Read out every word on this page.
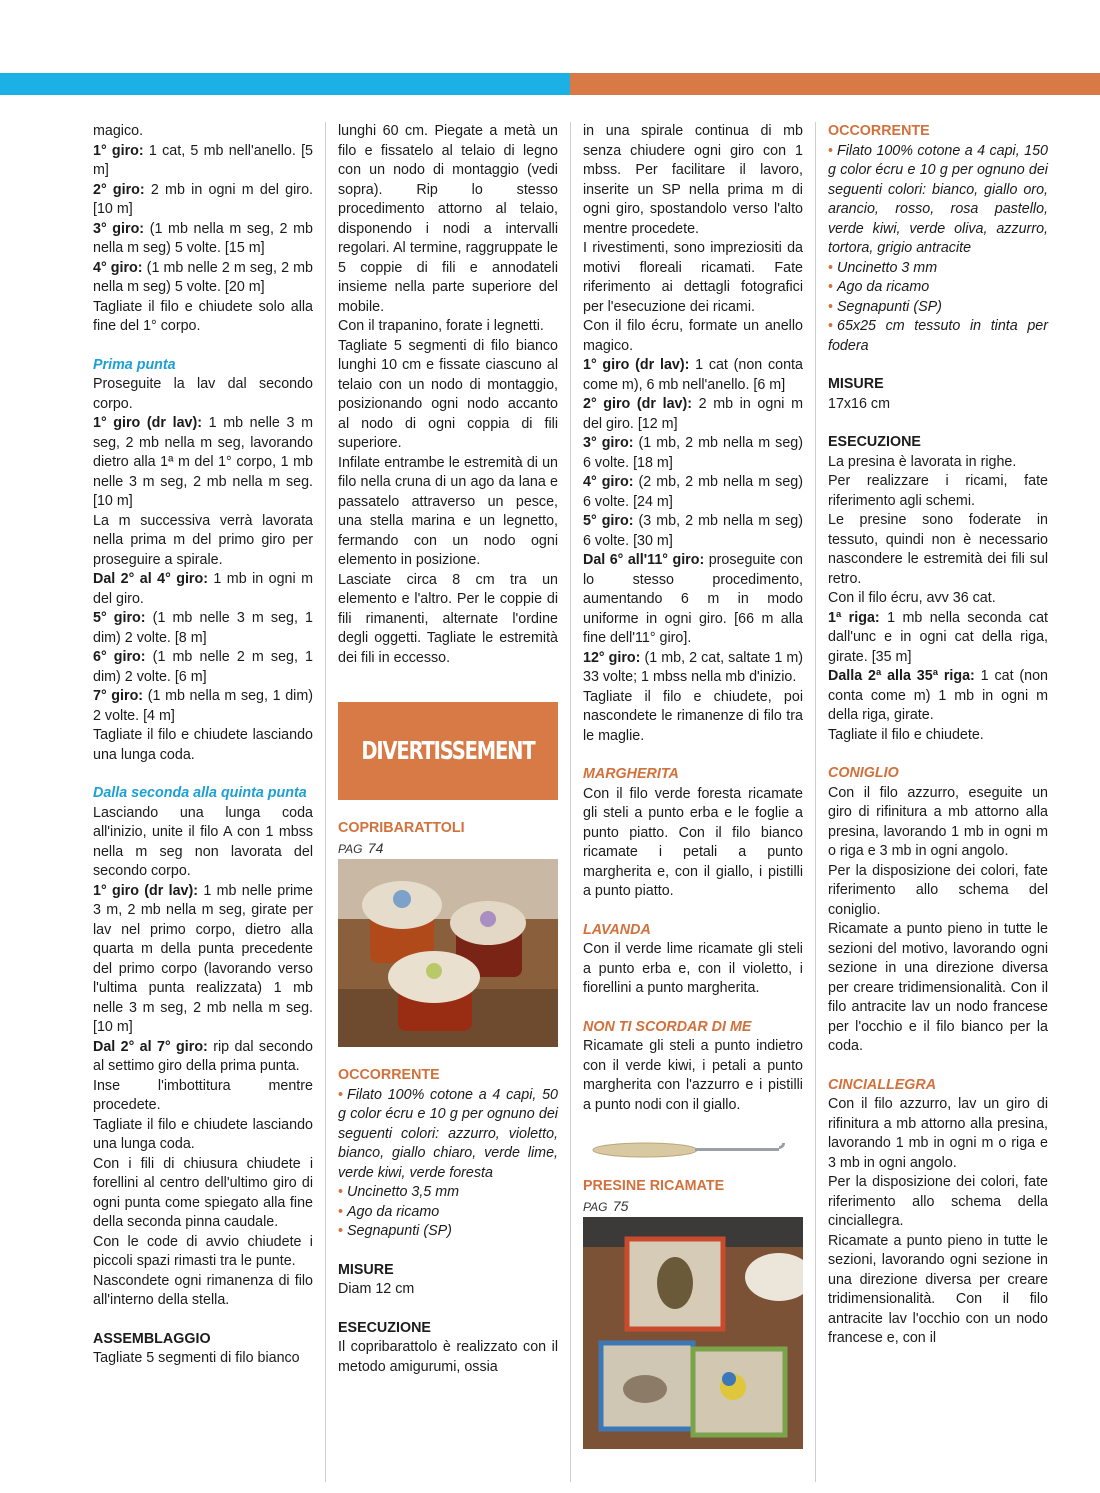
magico.

1° giro: 1 cat, 5 mb nell'anello. [5 m]

2° giro: 2 mb in ogni m del giro. [10 m]

3° giro: (1 mb nella m seg, 2 mb nella m seg) 5 volte. [15 m]

4° giro: (1 mb nelle 2 m seg, 2 mb nella m seg) 5 volte. [20 m]

Tagliate il filo e chiudete solo alla fine del 1° corpo.

Prima punta

Proseguite la lav dal secondo corpo.

1° giro (dr lav): 1 mb nelle 3 m seg, 2 mb nella m seg, lavorando dietro alla 1ª m del 1° corpo, 1 mb nelle 3 m seg, 2 mb nella m seg. [10 m]

La m successiva verrà lavorata nella prima m del primo giro per proseguire a spirale.

Dal 2° al 4° giro: 1 mb in ogni m del giro.

5° giro: (1 mb nelle 3 m seg, 1 dim) 2 volte. [8 m]

6° giro: (1 mb nelle 2 m seg, 1 dim) 2 volte. [6 m]

7° giro: (1 mb nella m seg, 1 dim) 2 volte. [4 m]

Tagliate il filo e chiudete lasciando una lunga coda.

Dalla seconda alla quinta punta

Lasciando una lunga coda all'inizio, unite il filo A con 1 mbss nella m seg non lavorata del secondo corpo.

1° giro (dr lav): 1 mb nelle prime 3 m, 2 mb nella m seg, girate per lav nel primo corpo, dietro alla quarta m della punta precedente del primo corpo (lavorando verso l'ultima punta realizzata) 1 mb nelle 3 m seg, 2 mb nella m seg. [10 m]

Dal 2° al 7° giro: rip dal secondo al settimo giro della prima punta.

Inse l'imbottitura mentre procedete.

Tagliate il filo e chiudete lasciando una lunga coda.

Con i fili di chiusura chiudete i forellini al centro dell'ultimo giro di ogni punta come spiegato alla fine della seconda pinna caudale.

Con le code di avvio chiudete i piccoli spazi rimasti tra le punte.

Nascondete ogni rimanenza di filo all'interno della stella.

ASSEMBLAGGIO

Tagliate 5 segmenti di filo bianco

lunghi 60 cm. Piegate a metà un filo e fissatelo al telaio di legno con un nodo di montaggio (vedi sopra). Rip lo stesso procedimento attorno al telaio, disponendo i nodi a intervalli regolari. Al termine, raggruppate le 5 coppie di fili e annodateli insieme nella parte superiore del mobile.

Con il trapanino, forate i legnetti.

Tagliate 5 segmenti di filo bianco lunghi 10 cm e fissate ciascuno al telaio con un nodo di montaggio, posizionando ogni nodo accanto al nodo di ogni coppia di fili superiore.

Infilate entrambe le estremità di un filo nella cruna di un ago da lana e passatelo attraverso un pesce, una stella marina e un legnetto, fermando con un nodo ogni elemento in posizione.

Lasciate circa 8 cm tra un elemento e l'altro. Per le coppie di fili rimanenti, alternate l'ordine degli oggetti. Tagliate le estremità dei fili in eccesso.

DIVERTISSEMENT

COPRIBARATTOLI

PAG 74

OCCORRENTE

• Filato 100% cotone a 4 capi, 50 g color écru e 10 g per ognuno dei seguenti colori: azzurro, violetto, bianco, giallo chiaro, verde lime, verde kiwi, verde foresta

• Uncinetto 3,5 mm

• Ago da ricamo

• Segnapunti (SP)

MISURE

Diam 12 cm

ESECUZIONE

Il copribarattolo è realizzato con il metodo amigurumi, ossia

in una spirale continua di mb senza chiudere ogni giro con 1 mbss. Per facilitare il lavoro, inserite un SP nella prima m di ogni giro, spostandolo verso l'alto mentre procedete.

I rivestimenti, sono impreziositi da motivi floreali ricamati. Fate riferimento ai dettagli fotografici per l'esecuzione dei ricami.

Con il filo écru, formate un anello magico.

1° giro (dr lav): 1 cat (non conta come m), 6 mb nell'anello. [6 m]

2° giro (dr lav): 2 mb in ogni m del giro. [12 m]

3° giro: (1 mb, 2 mb nella m seg) 6 volte. [18 m]

4° giro: (2 mb, 2 mb nella m seg) 6 volte. [24 m]

5° giro: (3 mb, 2 mb nella m seg) 6 volte. [30 m]

Dal 6° all'11° giro: proseguite con lo stesso procedimento, aumentando 6 m in modo uniforme in ogni giro. [66 m alla fine dell'11° giro].

12° giro: (1 mb, 2 cat, saltate 1 m) 33 volte; 1 mbss nella mb d'inizio.

Tagliate il filo e chiudete, poi nascondete le rimanenze di filo tra le maglie.

MARGHERITA

Con il filo verde foresta ricamate gli steli a punto erba e le foglie a punto piatto. Con il filo bianco ricamate i petali a punto margherita e, con il giallo, i pistilli a punto piatto.

LAVANDA

Con il verde lime ricamate gli steli a punto erba e, con il violetto, i fiorellini a punto margherita.

NON TI SCORDAR DI ME

Ricamate gli steli a punto indietro con il verde kiwi, i petali a punto margherita con l'azzurro e i pistilli a punto nodi con il giallo.

PRESINE RICAMATE

PAG 75

OCCORRENTE

• Filato 100% cotone a 4 capi, 150 g color écru e 10 g per ognuno dei seguenti colori: bianco, giallo oro, arancio, rosso, rosa pastello, verde kiwi, verde oliva, azzurro, tortora, grigio antracite

• Uncinetto 3 mm

• Ago da ricamo

• Segnapunti (SP)

• 65x25 cm tessuto in tinta per fodera

MISURE

17x16 cm

ESECUZIONE

La presina è lavorata in righe.

Per realizzare i ricami, fate riferimento agli schemi.

Le presine sono foderate in tessuto, quindi non è necessario nascondere le estremità dei fili sul retro.

Con il filo écru, avv 36 cat.

1ª riga: 1 mb nella seconda cat dall'unc e in ogni cat della riga, girate. [35 m]

Dalla 2ª alla 35ª riga: 1 cat (non conta come m) 1 mb in ogni m della riga, girate.

Tagliate il filo e chiudete.

CONIGLIO

Con il filo azzurro, eseguite un giro di rifinitura a mb attorno alla presina, lavorando 1 mb in ogni m o riga e 3 mb in ogni angolo.

Per la disposizione dei colori, fate riferimento allo schema del coniglio.

Ricamate a punto pieno in tutte le sezioni del motivo, lavorando ogni sezione in una direzione diversa per creare tridimensionalità. Con il filo antracite lav un nodo francese per l'occhio e il filo bianco per la coda.

CINCIALLEGRA

Con il filo azzurro, lav un giro di rifinitura a mb attorno alla presina, lavorando 1 mb in ogni m o riga e 3 mb in ogni angolo.

Per la disposizione dei colori, fate riferimento allo schema della cinciallegra.

Ricamate a punto pieno in tutte le sezioni, lavorando ogni sezione in una direzione diversa per creare tridimensionalità. Con il filo antracite lav l'occhio con un nodo francese e, con il
